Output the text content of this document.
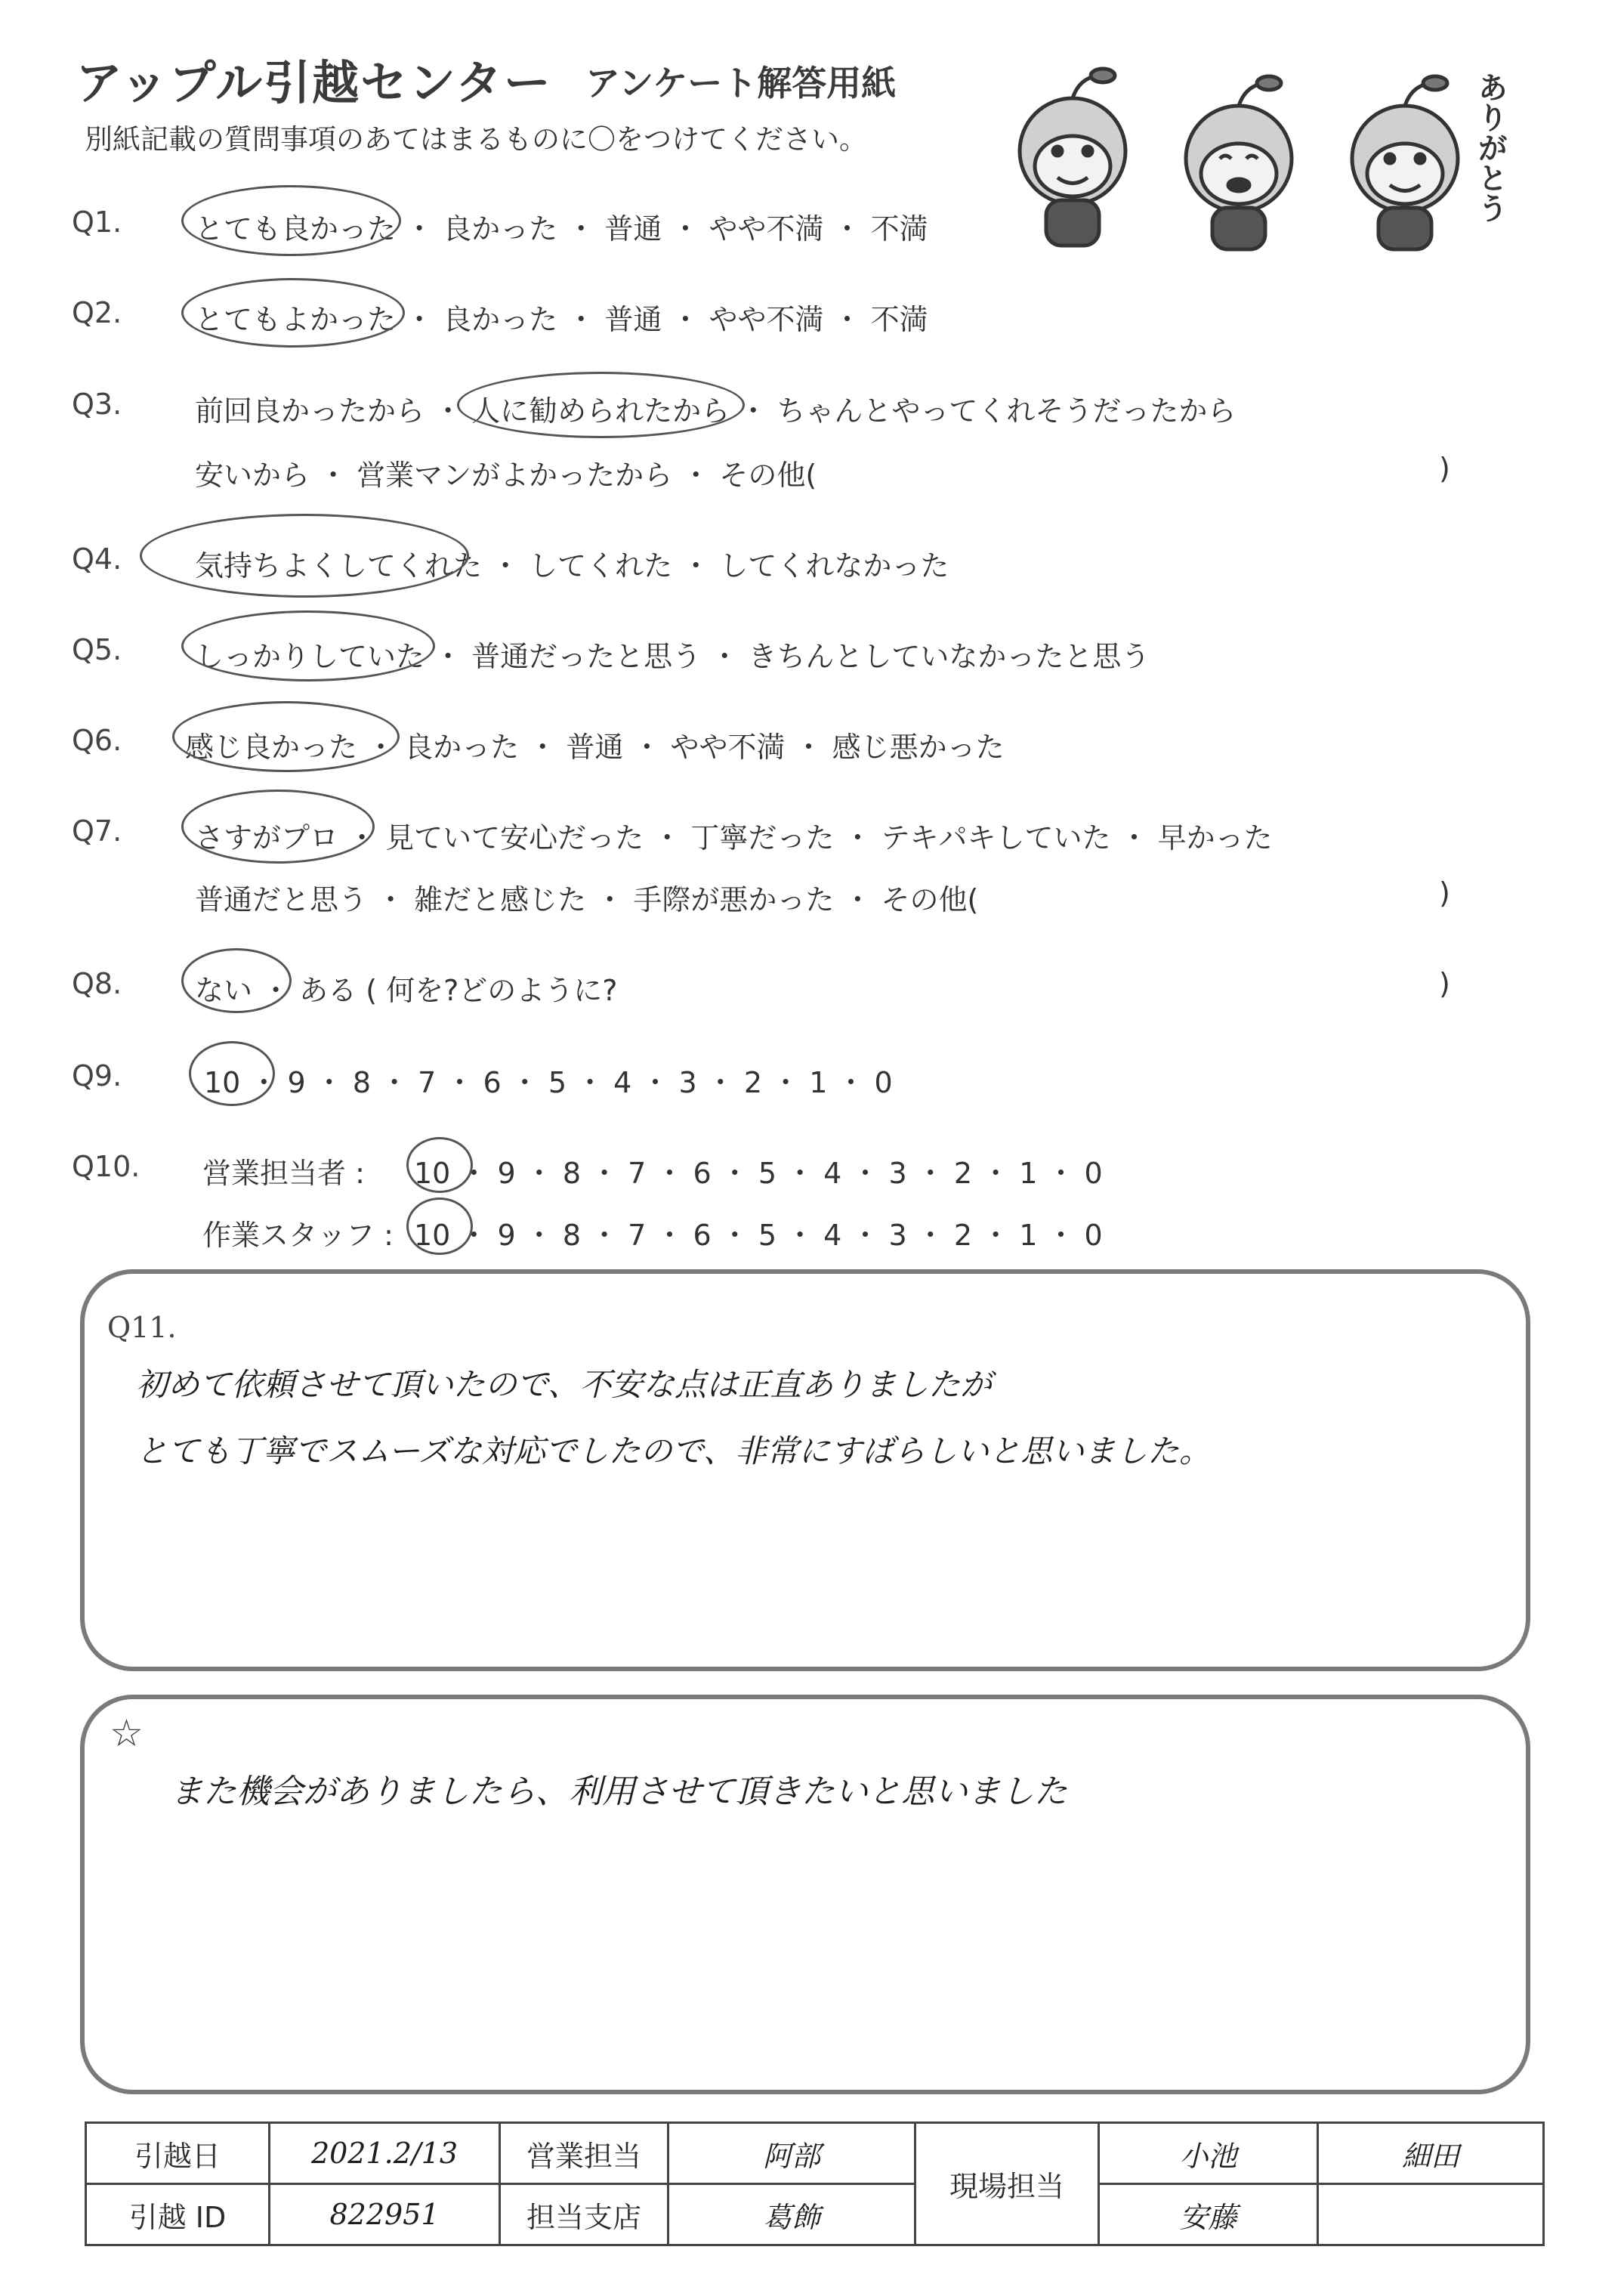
アップル引越センター アンケート解答用紙
別紙記載の質問事項のあてはまるものに〇をつけてください。	ありがとう
Q1.	とても良かった ・ 良かった ・ 普通 ・ やや不満 ・ 不満
Q2.	とてもよかった ・ 良かった ・ 普通 ・ やや不満 ・ 不満
Q3.	前回良かったから ・ 人に勧められたから ・ ちゃんとやってくれそうだったから
安いから ・ 営業マンがよかったから ・ その他(	)
Q4.	気持ちよくしてくれた ・ してくれた ・ してくれなかった
Q5.	しっかりしていた ・ 普通だったと思う ・ きちんとしていなかったと思う
Q6. 感じ良かった ・ 良かった ・ 普通 ・ やや不満 ・ 感じ悪かった
Q7.	さすがプロ ・ 見ていて安心だった ・ 丁寧だった ・ テキパキしていた ・ 早かった
普通だと思う ・ 雑だと感じた ・ 手際が悪かった ・ その他(	)
Q8.	ない ・ ある ( 何を?どのように?	)
Q9.	10 ・ 9 ・ 8 ・ 7 ・ 6 ・ 5 ・ 4 ・ 3 ・ 2 ・ 1 ・ 0
Q10. 営業担当者 : 10 ・ 9 ・ 8 ・ 7 ・ 6 ・ 5 ・ 4 ・ 3 ・ 2 ・ 1 ・ 0
作業スタッフ : 10 ・ 9 ・ 8 ・ 7 ・ 6 ・ 5 ・ 4 ・ 3 ・ 2 ・ 1 ・ 0
Q11.
初めて依頼させて頂いたので、不安な点は正直ありましたが
とても丁寧でスムーズな対応でしたので、非常にすばらしいと思いました。
☆
また機会がありましたら、利用させて頂きたいと思いました
引越日	2021.2/13	営業担当	阿部	現場担当	小池	細田
引越 ID	822951	担当支店	葛飾		安藤	
